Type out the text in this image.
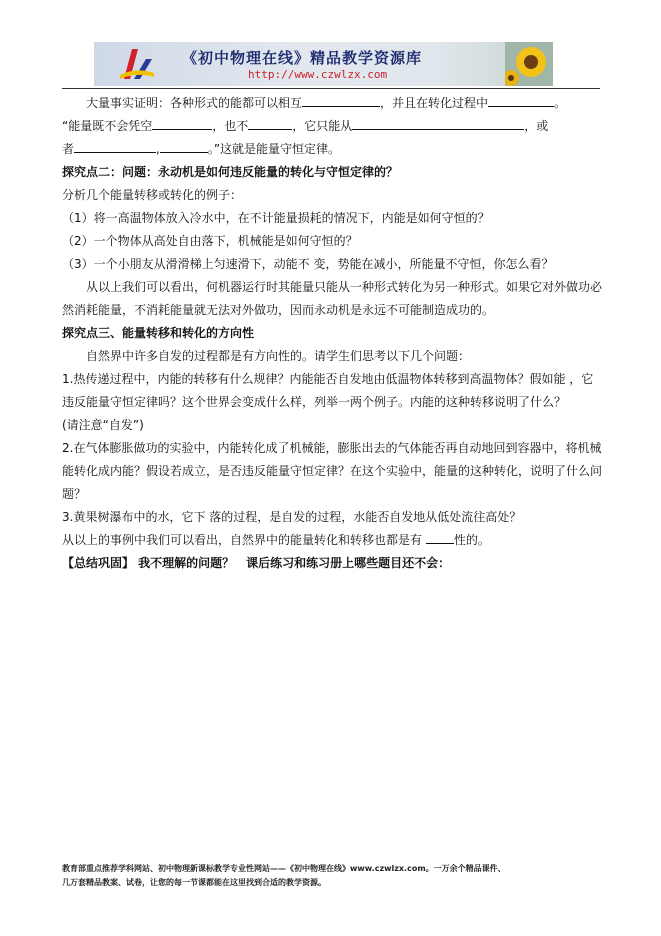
《初中物理在线》精品教学资源库
http://www.czwlzx.com

大量事实证明：各种形式的能都可以相互	，并且在转化过程中	。

“能量既不会凭空	，也不	，它只能从	，或

者	,	。”这就是能量守恒定律。

探究点二：问题：永动机是如何违反能量的转化与守恒定律的？

分析几个能量转移或转化的例子：

（1）将一高温物体放入冷水中，在不计能量损耗的情况下，内能是如何守恒的？

（2）一个物体从高处自由落下，机械能是如何守恒的？

（3）一个小朋友从滑滑梯上匀速滑下，动能不 变，势能在减小，所能量不守恒，你怎么看？

从以上我们可以看出，何机器运行时其能量只能从一种形式转化为另一种形式。如果它对外做功必然消耗能量，不消耗能量就无法对外做功，因而永动机是永远不可能制造成功的。

探究点三、能量转移和转化的方向性

自然界中许多自发的过程都是有方向性的。请学生们思考以下几个问题：

1.热传递过程中，内能的转移有什么规律？内能能否自发地由低温物体转移到高温物体？假如能 ，它违反能量守恒定律吗？这个世界会变成什么样，列举一两个例子。内能的这种转移说明了什么？

(请注意“自发”)

2.在气体膨胀做功的实验中，内能转化成了机械能，膨胀出去的气体能否再自动地回到容器中，将机械能转化成内能？假设若成立，是否违反能量守恒定律？在这个实验中，能量的这种转化，说明了什么问题？

3.黄果树瀑布中的水，它下 落的过程，是自发的过程，水能否自发地从低处流往高处？

从以上的事例中我们可以看出，自然界中的能量转化和转移也都是有 性的。

【总结巩固】 我不理解的问题？　课后练习和练习册上哪些题目还不会：

教育部重点推荐学科网站、初中物理新课标教学专业性网站——《初中物理在线》www.czwlzx.com。一万余个精品课件、
几万套精品教案、试卷，让您的每一节课都能在这里找到合适的教学资源。
